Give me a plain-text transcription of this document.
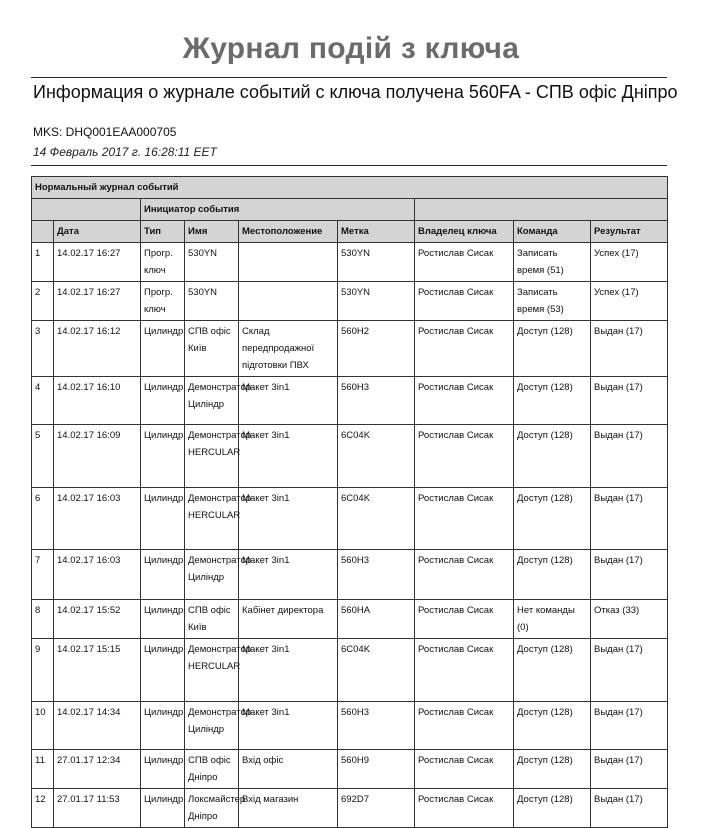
Журнал подій з ключа
Информация о журнале событий с ключа получена 560FA - СПВ офіс Дніпро
MKS: DHQ001EAA000705
14 Февраль 2017 г. 16:28:11 EET
Нормальный журнал событий								
		Инициатор события						
	Дата	Тип	Имя	Местоположение	Метка	Владелец ключа	Команда	Результат
1	14.02.17 16:27	Прогр. ключ	530YN		530YN	Ростислав Сисак	Записать время (51)	Успех (17)
2	14.02.17 16:27	Прогр. ключ	530YN		530YN	Ростислав Сисак	Записать время (53)	Успех (17)
3	14.02.17 16:12	Цилиндр	СПВ офіс Київ	Склад передпродажної підготовки ПВХ	560H2	Ростислав Сисак	Доступ (128)	Выдан (17)
4	14.02.17 16:10	Цилиндр	Демонстратор Циліндр	Макет 3in1	560H3	Ростислав Сисак	Доступ (128)	Выдан (17)
5	14.02.17 16:09	Цилиндр	Демонстратор HERCULAR	Макет 3in1	6C04K	Ростислав Сисак	Доступ (128)	Выдан (17)
6	14.02.17 16:03	Цилиндр	Демонстратор HERCULAR	Макет 3in1	6C04K	Ростислав Сисак	Доступ (128)	Выдан (17)
7	14.02.17 16:03	Цилиндр	Демонстратор Циліндр	Макет 3in1	560H3	Ростислав Сисак	Доступ (128)	Выдан (17)
8	14.02.17 15:52	Цилиндр	СПВ офіс Київ	Кабінет директора	560HA	Ростислав Сисак	Нет команды (0)	Отказ (33)
9	14.02.17 15:15	Цилиндр	Демонстратор HERCULAR	Макет 3in1	6C04K	Ростислав Сисак	Доступ (128)	Выдан (17)
10	14.02.17 14:34	Цилиндр	Демонстратор Циліндр	Макет 3in1	560H3	Ростислав Сисак	Доступ (128)	Выдан (17)
11	27.01.17 12:34	Цилиндр	СПВ офіс Дніпро	Вхід офіс	560H9	Ростислав Сисак	Доступ (128)	Выдан (17)
12	27.01.17 11:53	Цилиндр	Локсмайстер Дніпро	Вхід магазин	692D7	Ростислав Сисак	Доступ (128)	Выдан (17)
